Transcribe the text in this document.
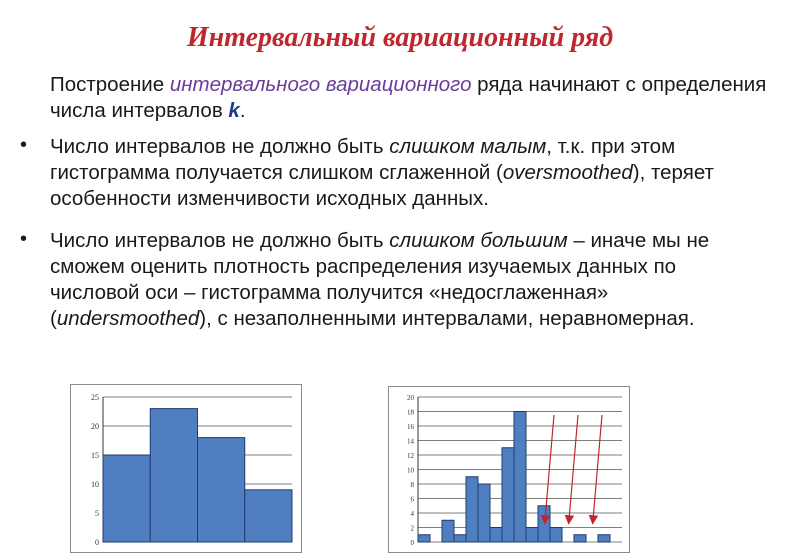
Интервальный вариационный ряд

Построение интервального вариационного ряда начинают с определения числа интервалов k.

• Число интервалов не должно быть слишком малым, т.к. при этом гистограмма получается слишком сглаженной (oversmoothed), теряет особенности изменчивости исходных данных.

• Число интервалов не должно быть слишком большим – иначе мы не сможем оценить плотность распределения изучаемых данных по числовой оси – гистограмма получится «недосглаженная» (undersmoothed), с незаполненными интервалами, неравномерная.

25
20
15
10
5
0
20
18
16
14
12
10
8
6
4
2
0
